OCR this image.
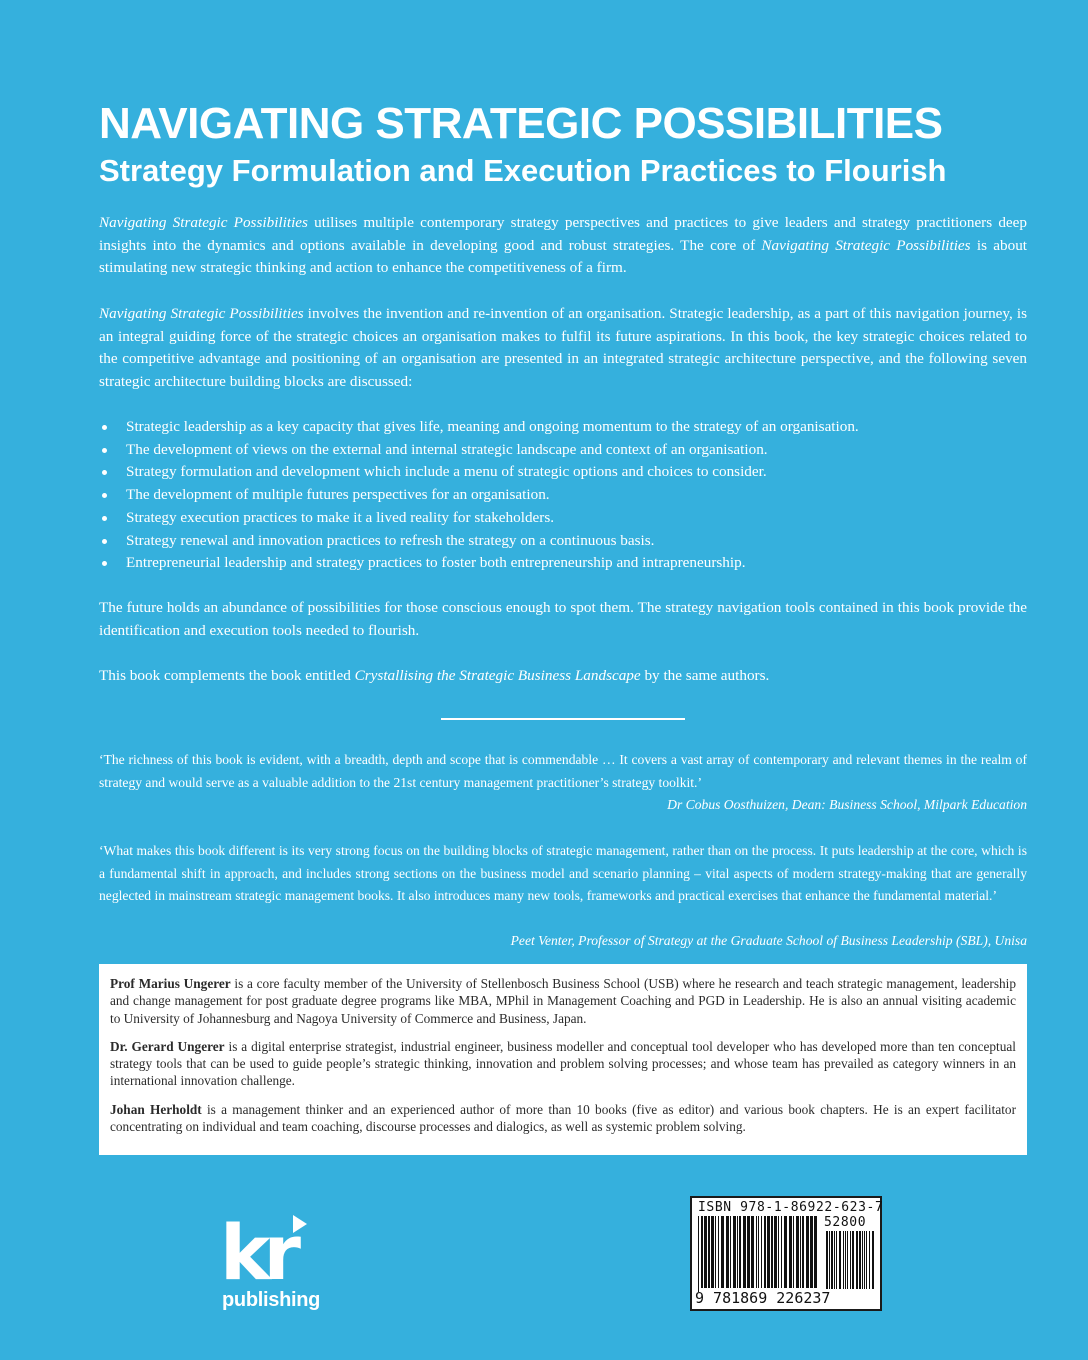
NAVIGATING STRATEGIC POSSIBILITIES
Strategy Formulation and Execution Practices to Flourish

Navigating Strategic Possibilities utilises multiple contemporary strategy perspectives and practices to give leaders and strategy practitioners deep insights into the dynamics and options available in developing good and robust strategies. The core of Navigating Strategic Possibilities is about stimulating new strategic thinking and action to enhance the competitiveness of a firm.

Navigating Strategic Possibilities involves the invention and re-invention of an organisation. Strategic leadership, as a part of this navigation journey, is an integral guiding force of the strategic choices an organisation makes to fulfil its future aspirations. In this book, the key strategic choices related to the competitive advantage and positioning of an organisation are presented in an integrated strategic architecture perspective, and the following seven strategic architecture building blocks are discussed:

Strategic leadership as a key capacity that gives life, meaning and ongoing momentum to the strategy of an organisation.
The development of views on the external and internal strategic landscape and context of an organisation.
Strategy formulation and development which include a menu of strategic options and choices to consider.
The development of multiple futures perspectives for an organisation.
Strategy execution practices to make it a lived reality for stakeholders.
Strategy renewal and innovation practices to refresh the strategy on a continuous basis.
Entrepreneurial leadership and strategy practices to foster both entrepreneurship and intrapreneurship.

The future holds an abundance of possibilities for those conscious enough to spot them. The strategy navigation tools contained in this book provide the identification and execution tools needed to flourish.

This book complements the book entitled Crystallising the Strategic Business Landscape by the same authors.

‘The richness of this book is evident, with a breadth, depth and scope that is commendable … It covers a vast array of contemporary and relevant themes in the realm of strategy and would serve as a valuable addition to the 21st century management practitioner’s strategy toolkit.’

Dr Cobus Oosthuizen, Dean: Business School, Milpark Education

‘What makes this book different is its very strong focus on the building blocks of strategic management, rather than on the process. It puts leadership at the core, which is a fundamental shift in approach, and includes strong sections on the business model and scenario planning – vital aspects of modern strategy-making that are generally neglected in mainstream strategic management books. It also introduces many new tools, frameworks and practical exercises that enhance the fundamental material.’

Peet Venter, Professor of Strategy at the Graduate School of Business Leadership (SBL), Unisa

Prof Marius Ungerer is a core faculty member of the University of Stellenbosch Business School (USB) where he research and teach strategic management, leadership and change management for post graduate degree programs like MBA, MPhil in Management Coaching and PGD in Leadership. He is also an annual visiting academic to University of Johannesburg and Nagoya University of Commerce and Business, Japan.

Dr. Gerard Ungerer is a digital enterprise strategist, industrial engineer, business modeller and conceptual tool developer who has developed more than ten conceptual strategy tools that can be used to guide people’s strategic thinking, innovation and problem solving processes; and whose team has prevailed as category winners in an international innovation challenge.

Johan Herholdt is a management thinker and an experienced author of more than 10 books (five as editor) and various book chapters. He is an expert facilitator concentrating on individual and team coaching, discourse processes and dialogics, as well as systemic problem solving.

kr
publishing
ISBN 978-1-86922-623-7
52800
9 781869 226237
